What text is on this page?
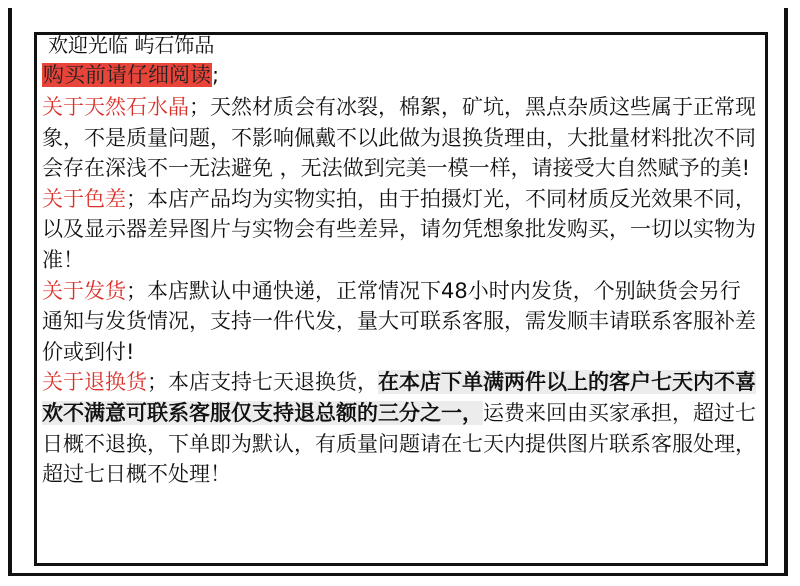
欢迎光临 屿石饰品
购买前请仔细阅读;

关于天然石水晶；天然材质会有冰裂，棉絮，矿坑，黑点杂质这些属于正常现象，不是质量问题，不影响佩戴不以此做为退换货理由，大批量材料批次不同会存在深浅不一无法避免 ，无法做到完美一模一样，请接受大自然赋予的美!

关于色差；本店产品均为实物实拍，由于拍摄灯光，不同材质反光效果不同，以及显示器差异图片与实物会有些差异，请勿凭想象批发购买，一切以实物为准！

关于发货；本店默认中通快递，正常情况下48小时内发货，个别缺货会另行通知与发货情况，支持一件代发，量大可联系客服，需发顺丰请联系客服补差价或到付!

关于退换货；本店支持七天退换货，在本店下单满两件以上的客户七天内不喜欢不满意可联系客服仅支持退总额的三分之一，运费来回由买家承担，超过七日概不退换，下单即为默认，有质量问题请在七天内提供图片联系客服处理，超过七日概不处理！
